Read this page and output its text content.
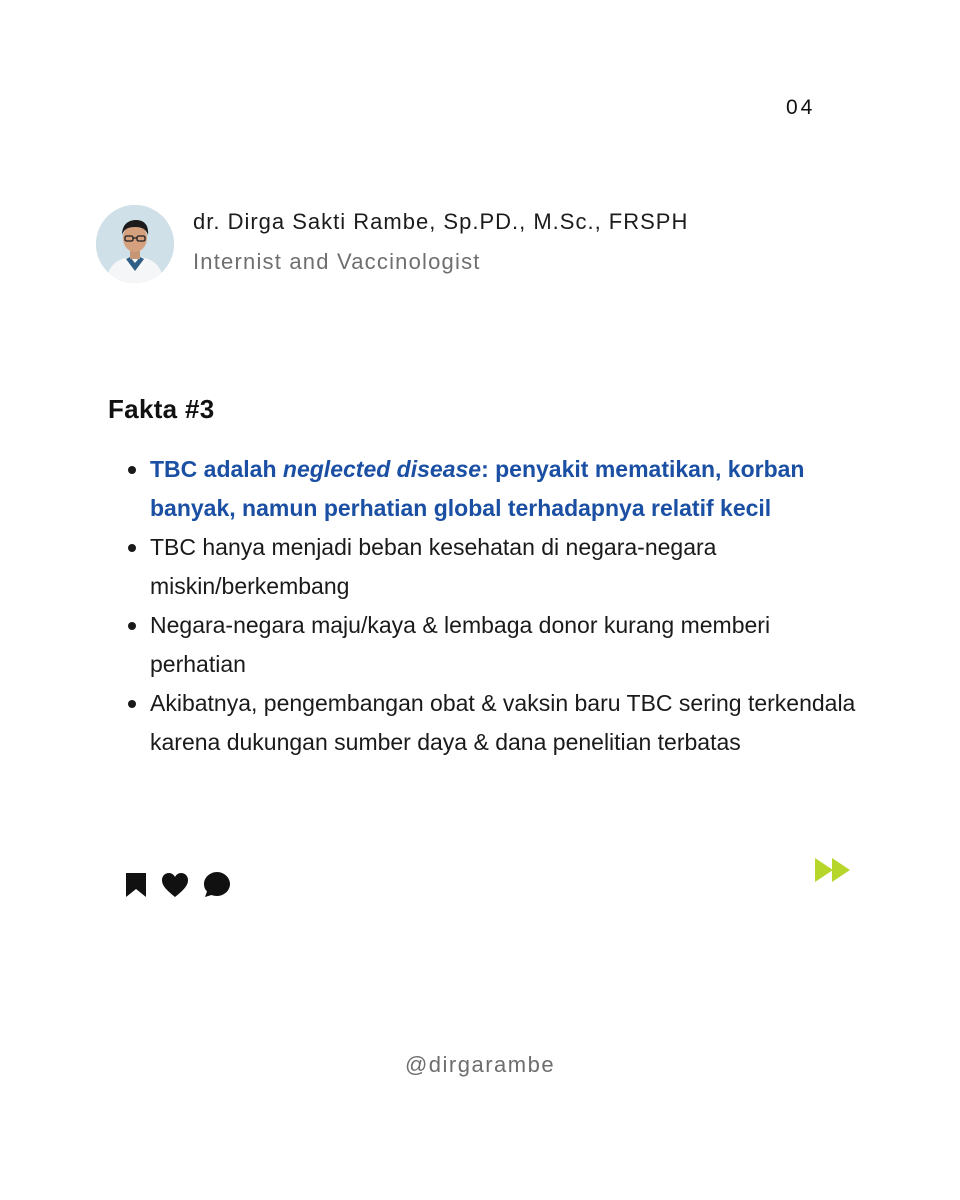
04
dr. Dirga Sakti Rambe, Sp.PD., M.Sc., FRSPH
Internist and Vaccinologist
Fakta #3
TBC adalah neglected disease: penyakit mematikan, korban banyak, namun perhatian global terhadapnya relatif kecil
TBC hanya menjadi beban kesehatan di negara-negara miskin/berkembang
Negara-negara maju/kaya & lembaga donor kurang memberi perhatian
Akibatnya, pengembangan obat & vaksin baru TBC sering terkendala karena dukungan sumber daya & dana penelitian terbatas
@dirgarambe
